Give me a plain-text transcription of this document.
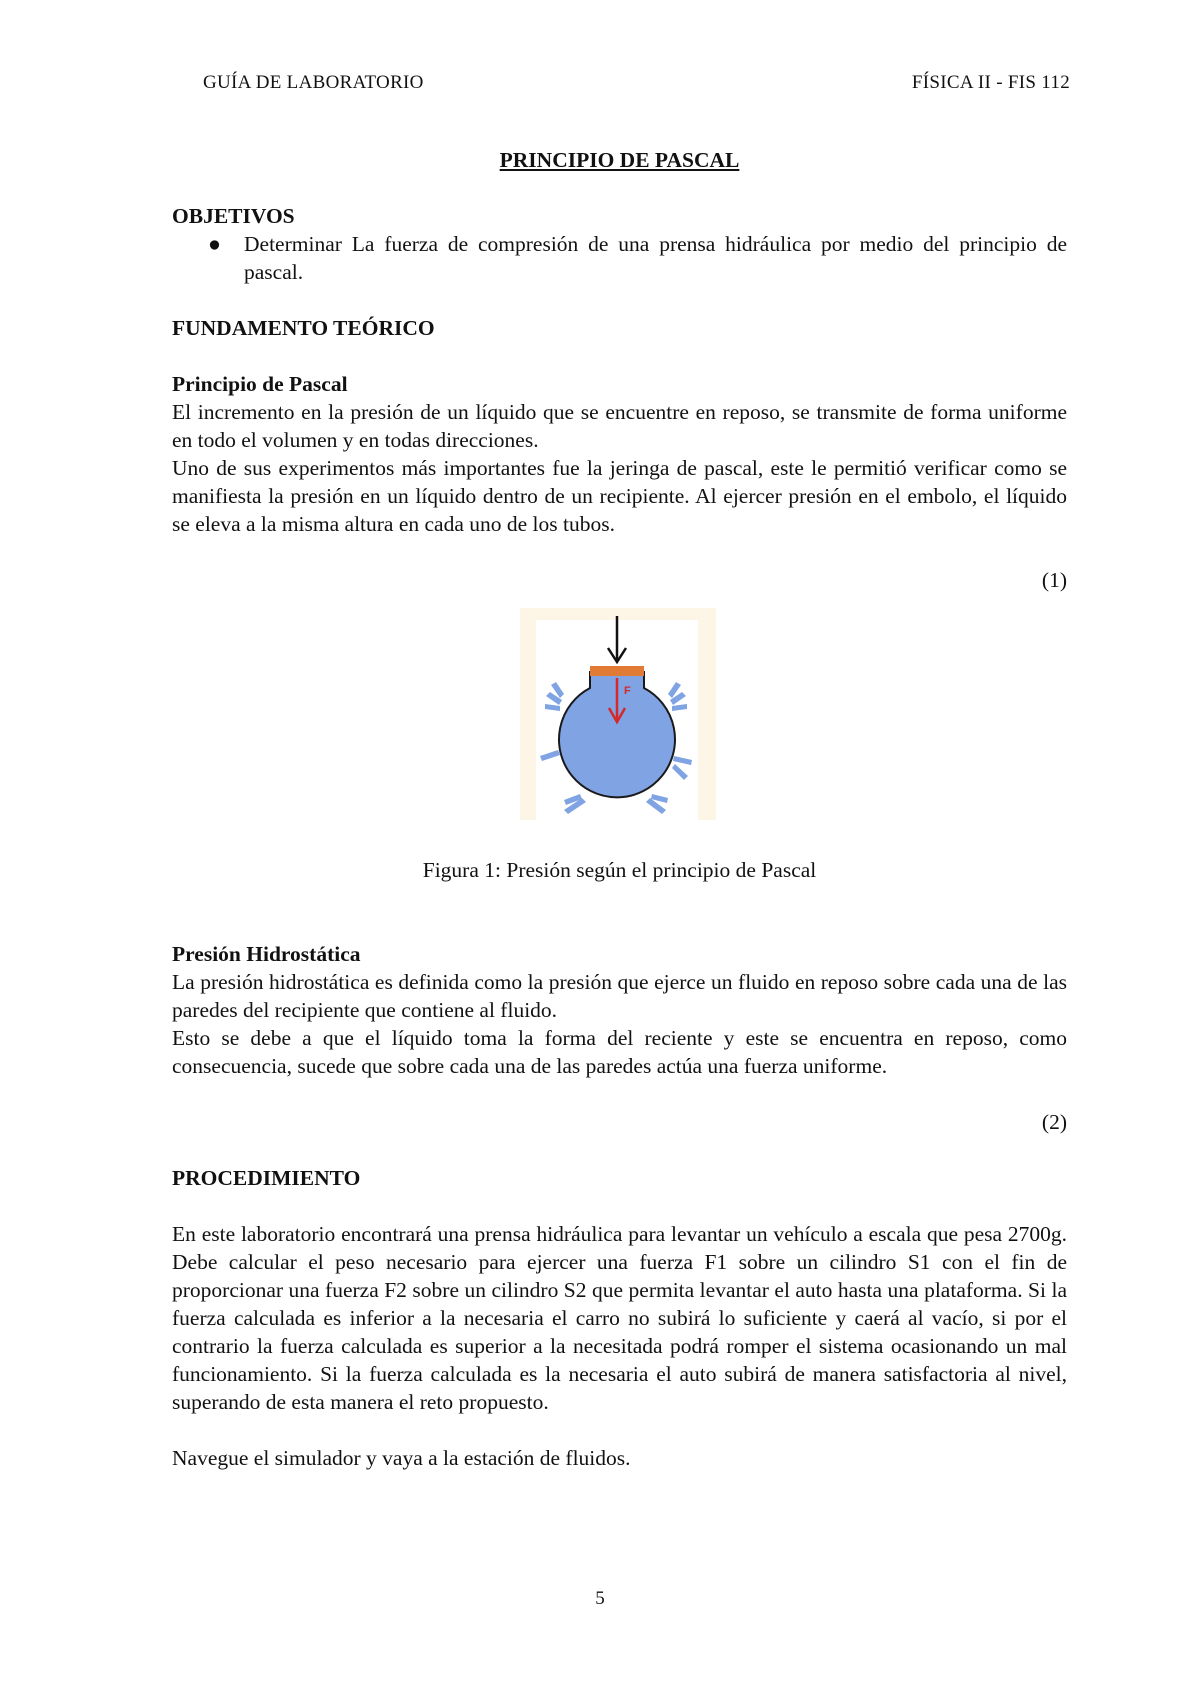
GUÍA DE LABORATORIO	FÍSICA II - FIS 112
PRINCIPIO DE PASCAL
OBJETIVOS
● Determinar La fuerza de compresión de una prensa hidráulica por medio del principio de pascal.
FUNDAMENTO TEÓRICO
Principio de Pascal

El incremento en la presión de un líquido que se encuentre en reposo, se transmite de forma uniforme en todo el volumen y en todas direcciones.

Uno de sus experimentos más importantes fue la jeringa de pascal, este le permitió verificar como se manifiesta la presión en un líquido dentro de un recipiente. Al ejercer presión en el embolo, el líquido se eleva a la misma altura en cada uno de los tubos.

(1)

F

Figura 1: Presión según el principio de Pascal

Presión Hidrostática

La presión hidrostática es definida como la presión que ejerce un fluido en reposo sobre cada una de las paredes del recipiente que contiene al fluido.

Esto se debe a que el líquido toma la forma del reciente y este se encuentra en reposo, como consecuencia, sucede que sobre cada una de las paredes actúa una fuerza uniforme.

(2)

PROCEDIMIENTO

En este laboratorio encontrará una prensa hidráulica para levantar un vehículo a escala que pesa 2700g. Debe calcular el peso necesario para ejercer una fuerza F1 sobre un cilindro S1 con el fin de proporcionar una fuerza F2 sobre un cilindro S2 que permita levantar el auto hasta una plataforma. Si la fuerza calculada es inferior a la necesaria el carro no subirá lo suficiente y caerá al vacío, si por el contrario la fuerza calculada es superior a la necesitada podrá romper el sistema ocasionando un mal funcionamiento. Si la fuerza calculada es la necesaria el auto subirá de manera satisfactoria al nivel, superando de esta manera el reto propuesto.

Navegue el simulador y vaya a la estación de fluidos.

5
